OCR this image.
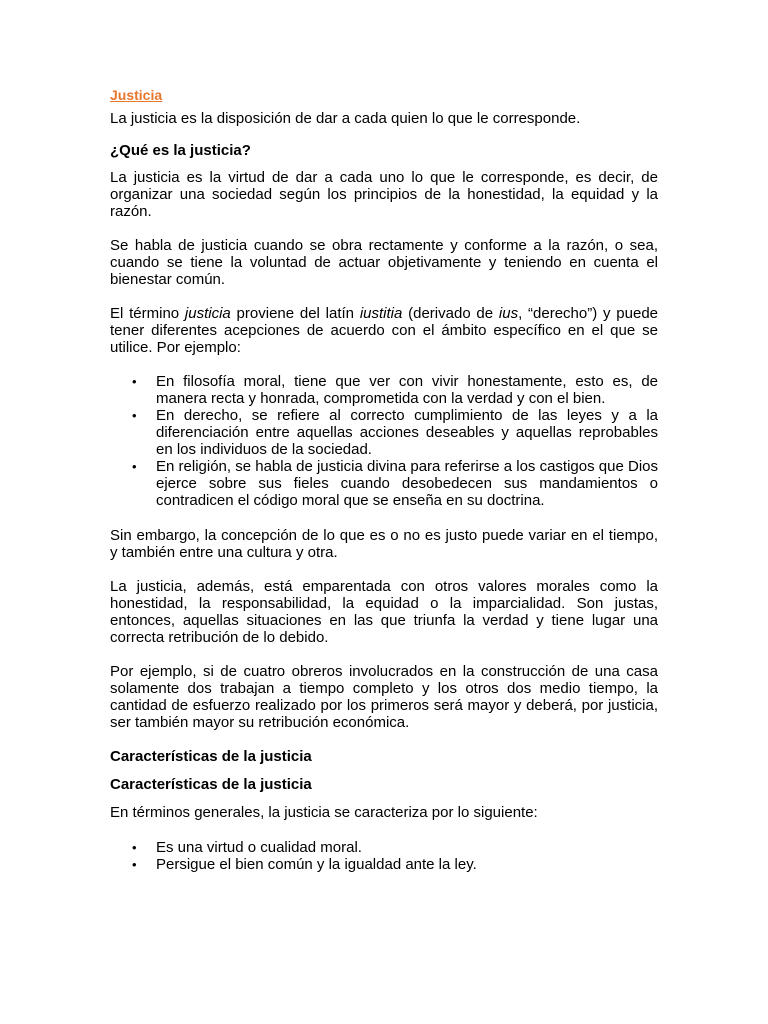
Justicia

La justicia es la disposición de dar a cada quien lo que le corresponde.

¿Qué es la justicia?

La justicia es la virtud de dar a cada uno lo que le corresponde, es decir, de organizar una sociedad según los principios de la honestidad, la equidad y la razón.

Se habla de justicia cuando se obra rectamente y conforme a la razón, o sea, cuando se tiene la voluntad de actuar objetivamente y teniendo en cuenta el bienestar común.

El término justicia proviene del latín iustitia (derivado de ius, “derecho”) y puede tener diferentes acepciones de acuerdo con el ámbito específico en el que se utilice. Por ejemplo:

• En filosofía moral, tiene que ver con vivir honestamente, esto es, de manera recta y honrada, comprometida con la verdad y con el bien.
• En derecho, se refiere al correcto cumplimiento de las leyes y a la diferenciación entre aquellas acciones deseables y aquellas reprobables en los individuos de la sociedad.
• En religión, se habla de justicia divina para referirse a los castigos que Dios ejerce sobre sus fieles cuando desobedecen sus mandamientos o contradicen el código moral que se enseña en su doctrina.

Sin embargo, la concepción de lo que es o no es justo puede variar en el tiempo, y también entre una cultura y otra.

La justicia, además, está emparentada con otros valores morales como la honestidad, la responsabilidad, la equidad o la imparcialidad. Son justas, entonces, aquellas situaciones en las que triunfa la verdad y tiene lugar una correcta retribución de lo debido.

Por ejemplo, si de cuatro obreros involucrados en la construcción de una casa solamente dos trabajan a tiempo completo y los otros dos medio tiempo, la cantidad de esfuerzo realizado por los primeros será mayor y deberá, por justicia, ser también mayor su retribución económica.

Características de la justicia

Características de la justicia

En términos generales, la justicia se caracteriza por lo siguiente:

• Es una virtud o cualidad moral.
• Persigue el bien común y la igualdad ante la ley.
